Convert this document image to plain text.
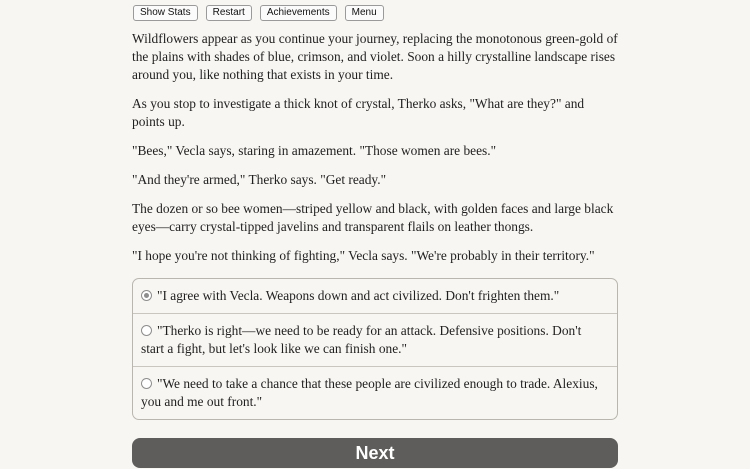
Show Stats	Restart	Achievements	Menu

Wildflowers appear as you continue your journey, replacing the monotonous green-gold of the plains with shades of blue, crimson, and violet. Soon a hilly crystalline landscape rises around you, like nothing that exists in your time.

As you stop to investigate a thick knot of crystal, Therko asks, "What are they?" and points up.

"Bees," Vecla says, staring in amazement. "Those women are bees."

"And they're armed," Therko says. "Get ready."

The dozen or so bee women—striped yellow and black, with golden faces and large black eyes—carry crystal-tipped javelins and transparent flails on leather thongs.

"I hope you're not thinking of fighting," Vecla says. "We're probably in their territory."

"I agree with Vecla. Weapons down and act civilized. Don't frighten them."
"Therko is right—we need to be ready for an attack. Defensive positions. Don't start a fight, but let's look like we can finish one."
"We need to take a chance that these people are civilized enough to trade. Alexius, you and me out front."
Next
